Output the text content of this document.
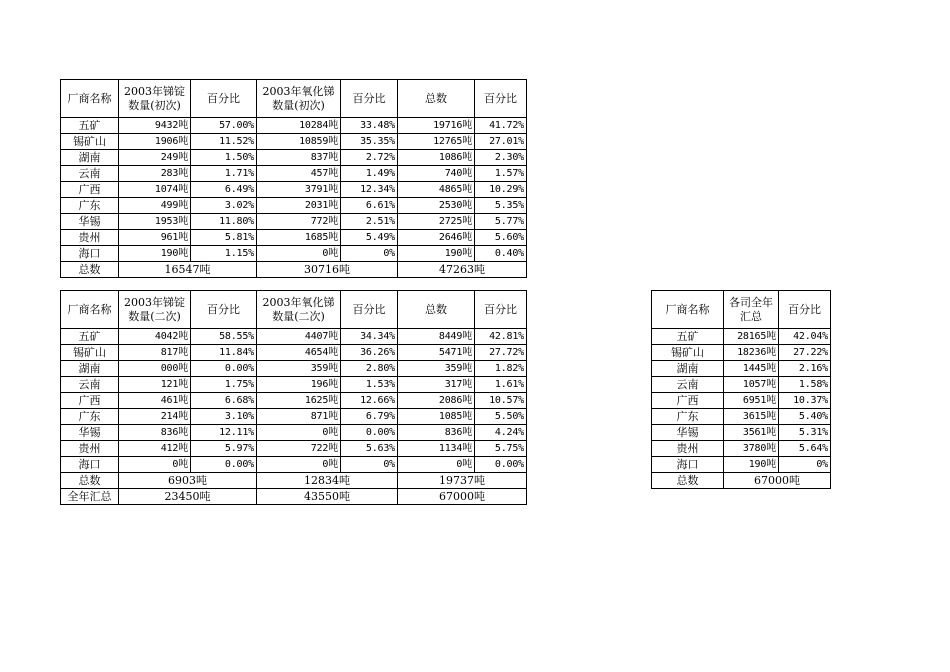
厂商名称	2003年锑锭数量(初次)	百分比	2003年氧化锑数量(初次)	百分比	总数	百分比
五矿	9432吨	57.00%	10284吨	33.48%	19716吨	41.72%
锡矿山	1906吨	11.52%	10859吨	35.35%	12765吨	27.01%
湖南	249吨	1.50%	837吨	2.72%	1086吨	2.30%
云南	283吨	1.71%	457吨	1.49%	740吨	1.57%
广西	1074吨	6.49%	3791吨	12.34%	4865吨	10.29%
广东	499吨	3.02%	2031吨	6.61%	2530吨	5.35%
华锡	1953吨	11.80%	772吨	2.51%	2725吨	5.77%
贵州	961吨	5.81%	1685吨	5.49%	2646吨	5.60%
海口	190吨	1.15%	0吨	0%	190吨	0.40%
总数	16547吨		30716吨		47263吨	
厂商名称	2003年锑锭数量(二次)	百分比	2003年氧化锑数量(二次)	百分比	总数	百分比
五矿	4042吨	58.55%	4407吨	34.34%	8449吨	42.81%
锡矿山	817吨	11.84%	4654吨	36.26%	5471吨	27.72%
湖南	000吨	0.00%	359吨	2.80%	359吨	1.82%
云南	121吨	1.75%	196吨	1.53%	317吨	1.61%
广西	461吨	6.68%	1625吨	12.66%	2086吨	10.57%
广东	214吨	3.10%	871吨	6.79%	1085吨	5.50%
华锡	836吨	12.11%	0吨	0.00%	836吨	4.24%
贵州	412吨	5.97%	722吨	5.63%	1134吨	5.75%
海口	0吨	0.00%	0吨	0%	0吨	0.00%
总数	6903吨		12834吨		19737吨	
全年汇总	23450吨		43550吨		67000吨	
厂商名称	各司全年汇总	百分比
五矿	28165吨	42.04%
锡矿山	18236吨	27.22%
湖南	1445吨	2.16%
云南	1057吨	1.58%
广西	6951吨	10.37%
广东	3615吨	5.40%
华锡	3561吨	5.31%
贵州	3780吨	5.64%
海口	190吨	0%
总数	67000吨	
